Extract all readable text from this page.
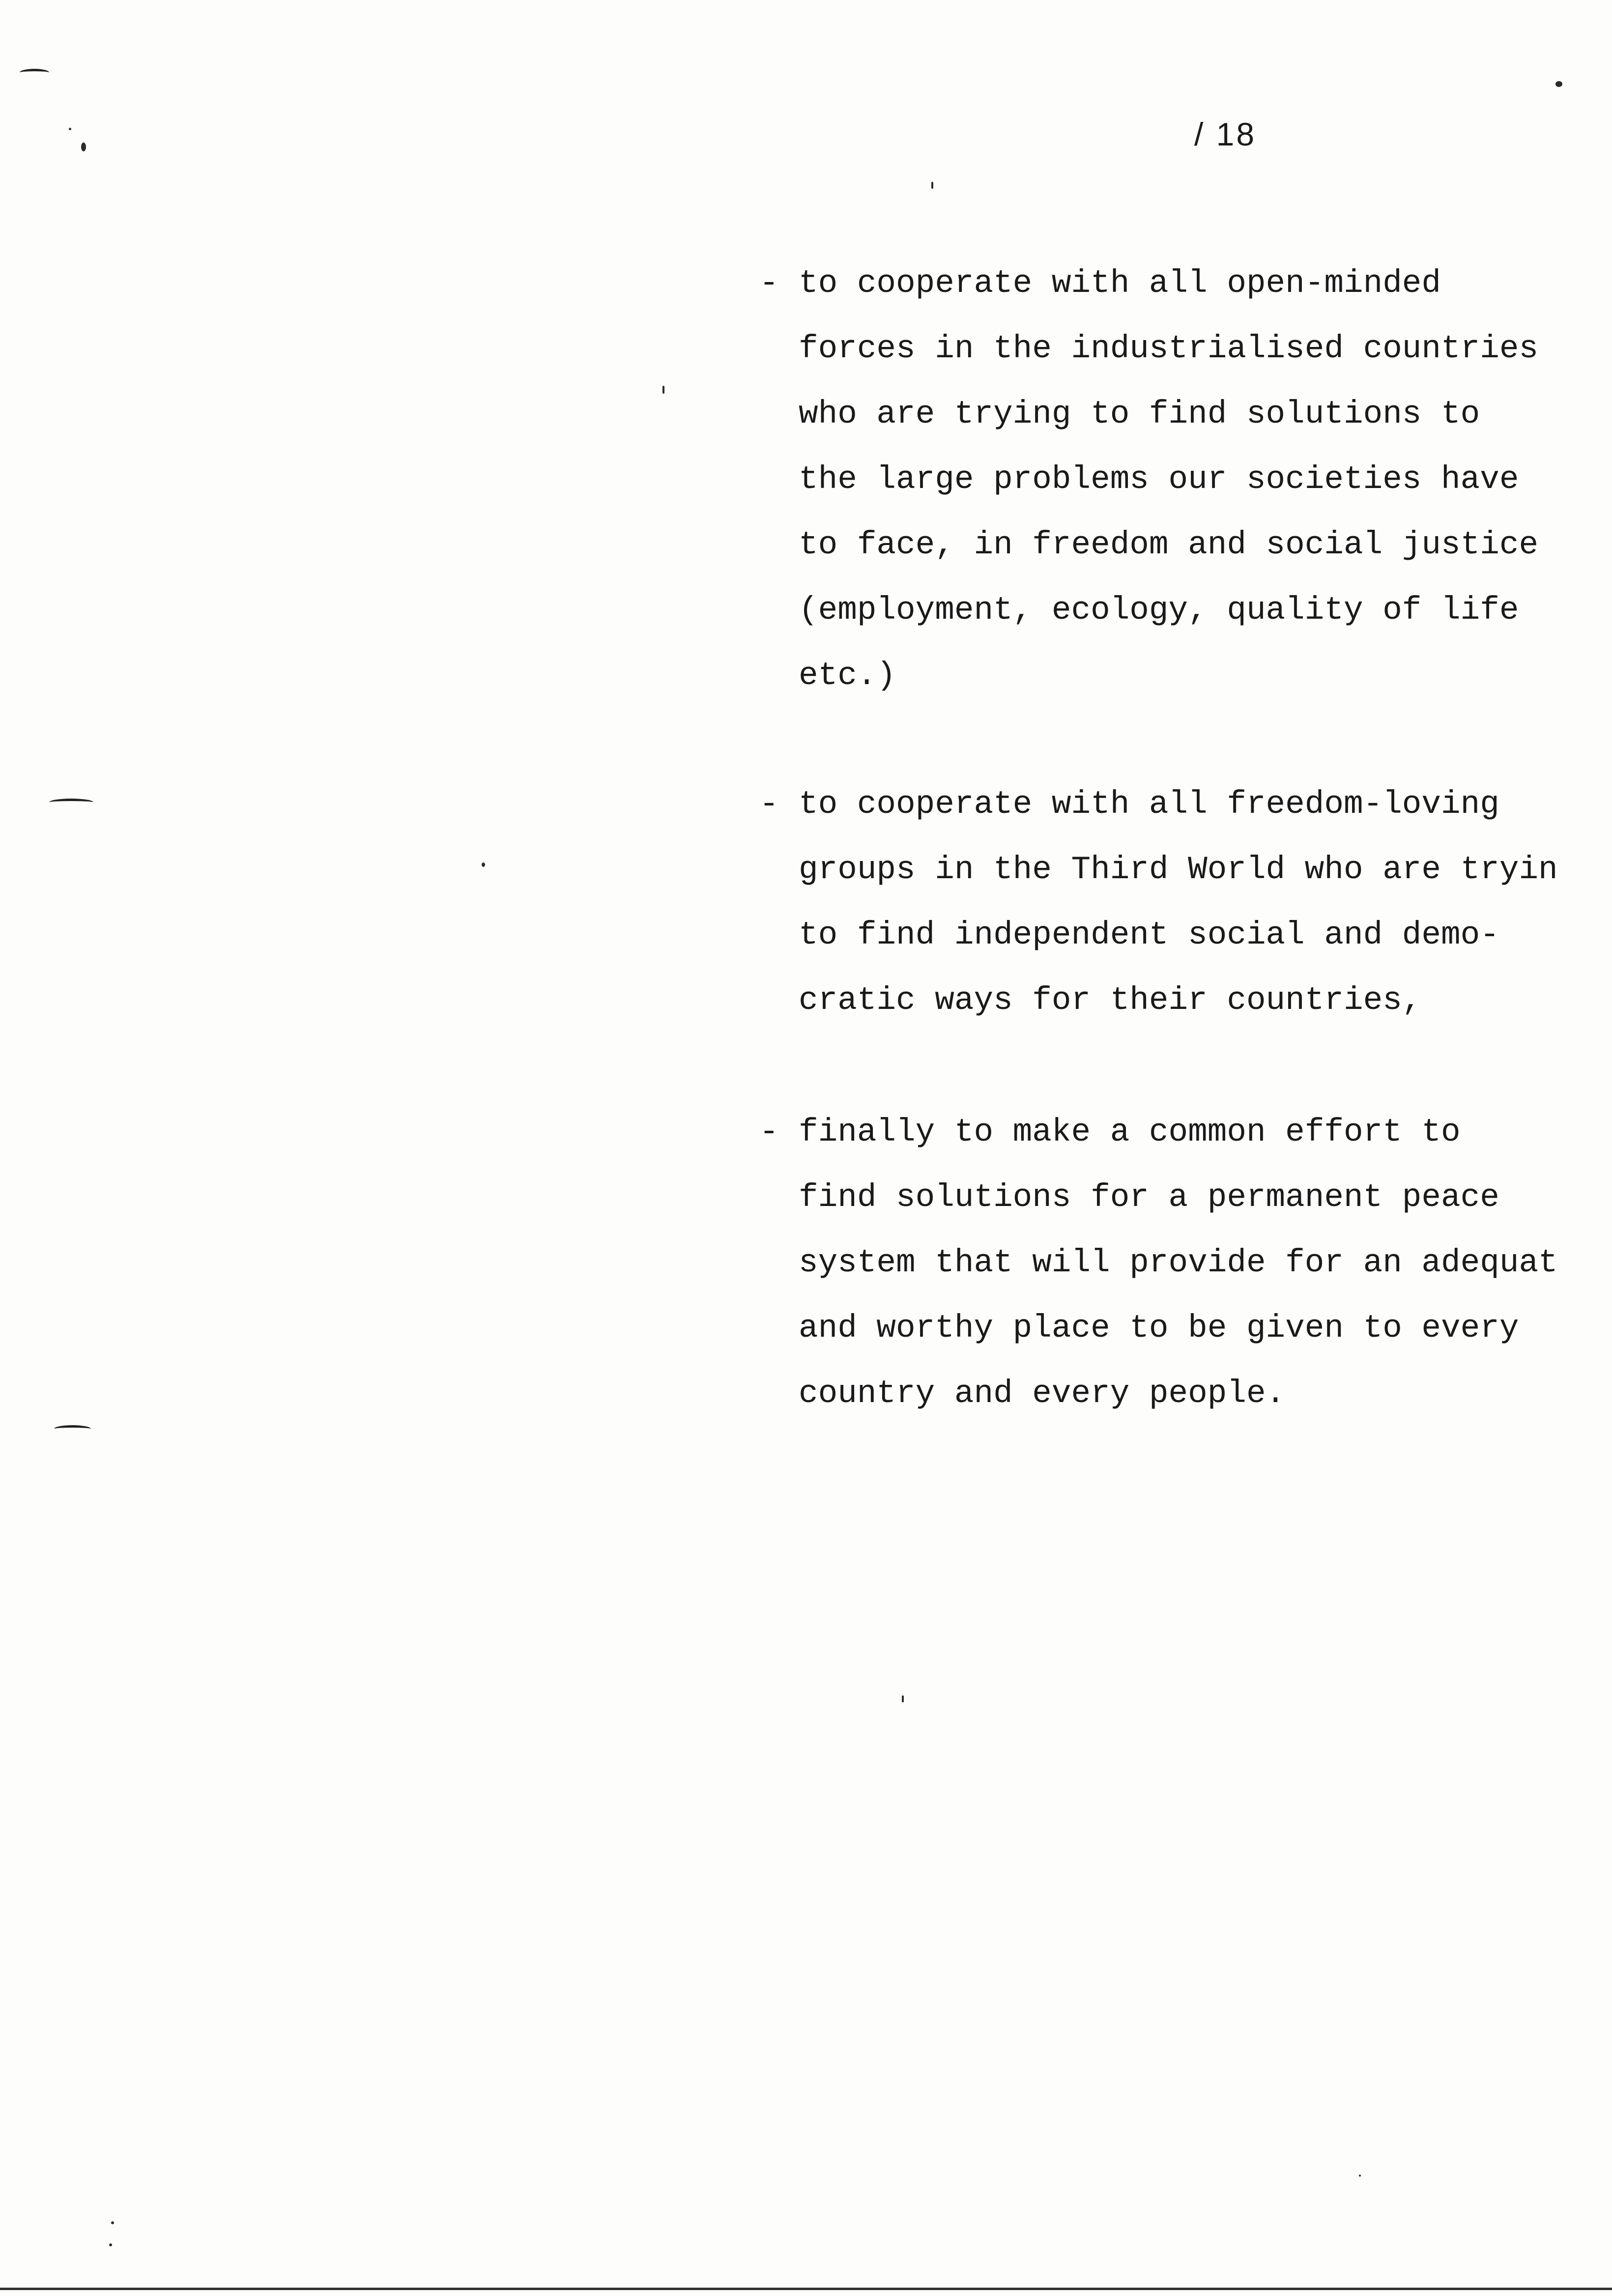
/ 18
- to cooperate with all open-minded
forces in the industrialised countries
who are trying to find solutions to
the large problems our societies have
to face, in freedom and social justice
(employment, ecology, quality of life
etc.)
- to cooperate with all freedom-loving
groups in the Third World who are tryin
to find independent social and demo-
cratic ways for their countries,
- finally to make a common effort to
find solutions for a permanent peace
system that will provide for an adequat
and worthy place to be given to every
country and every people.
